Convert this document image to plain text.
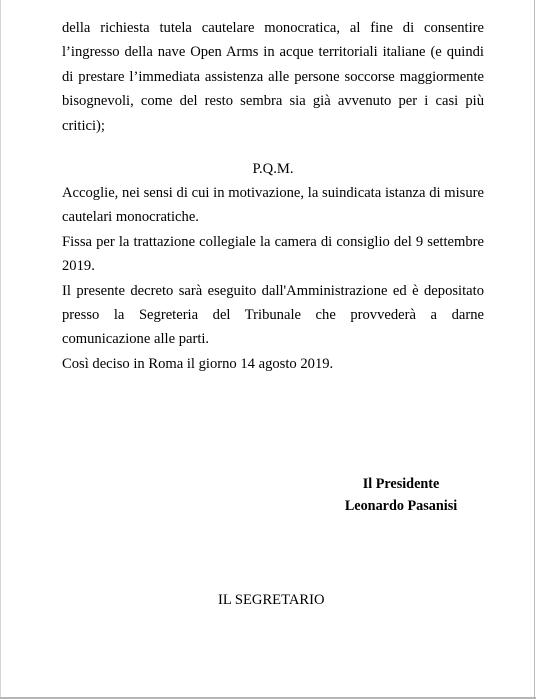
della richiesta tutela cautelare monocratica, al fine di consentire
l’ingresso della nave Open Arms in acque territoriali italiane (e quindi
di prestare l’immediata assistenza alle persone soccorse maggiormente
bisognevoli, come del resto sembra sia già avvenuto per i casi più
critici);
P.Q.M.
Accoglie, nei sensi di cui in motivazione, la suindicata istanza di misure
cautelari monocratiche.
Fissa per la trattazione collegiale la camera di consiglio del 9 settembre
2019.
Il presente decreto sarà eseguito dall'Amministrazione ed è depositato
presso la Segreteria del Tribunale che provvederà a darne
comunicazione alle parti.
Così deciso in Roma il giorno 14 agosto 2019.
Il Presidente
Leonardo Pasanisi
IL SEGRETARIO
